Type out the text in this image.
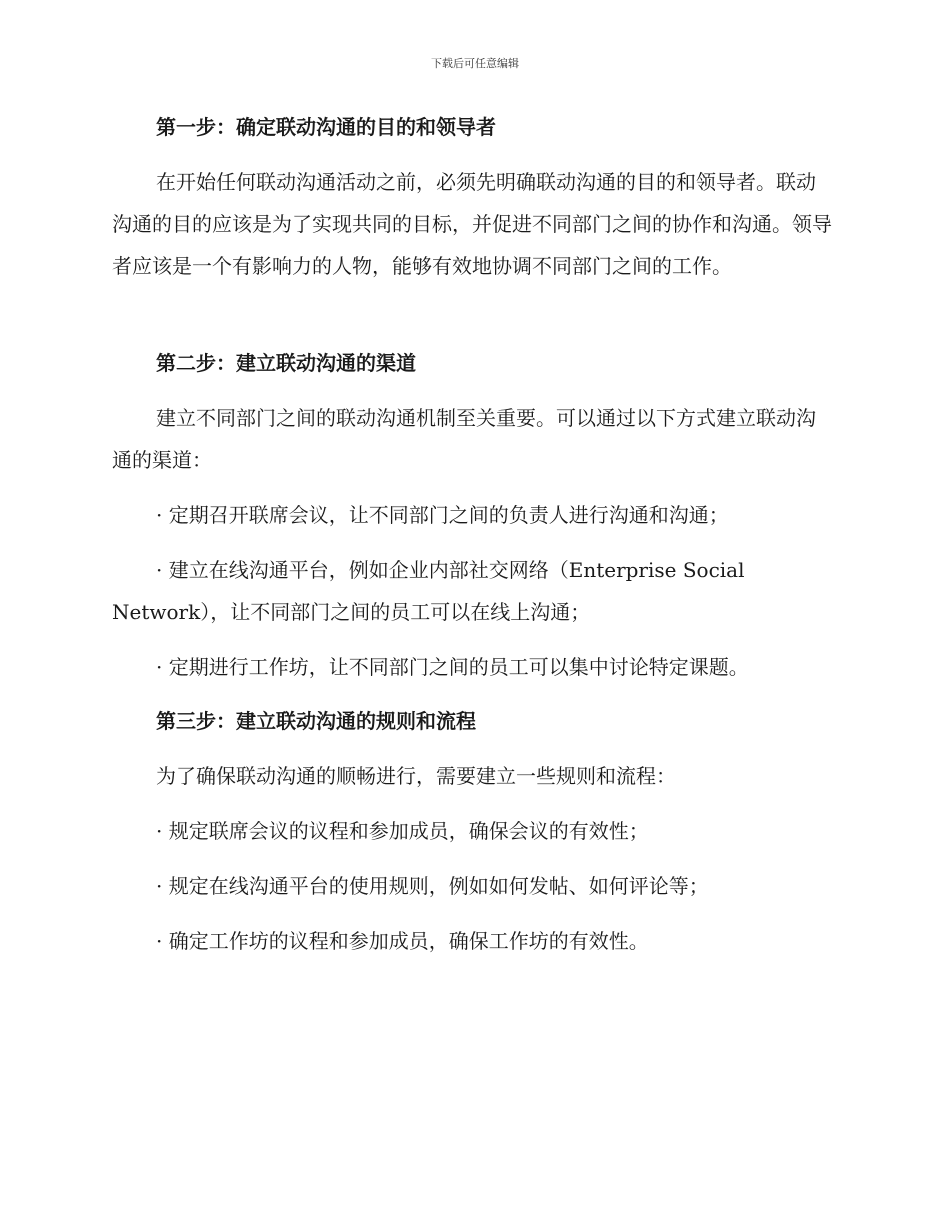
下载后可任意编辑

第一步：确定联动沟通的目的和领导者

在开始任何联动沟通活动之前，必须先明确联动沟通的目的和领导者。联动沟通的目的应该是为了实现共同的目标，并促进不同部门之间的协作和沟通。领导者应该是一个有影响力的人物，能够有效地协调不同部门之间的工作。

第二步：建立联动沟通的渠道

建立不同部门之间的联动沟通机制至关重要。可以通过以下方式建立联动沟通的渠道：

· 定期召开联席会议，让不同部门之间的负责人进行沟通和沟通；

· 建立在线沟通平台，例如企业内部社交网络（Enterprise Social Network），让不同部门之间的员工可以在线上沟通；

· 定期进行工作坊，让不同部门之间的员工可以集中讨论特定课题。

第三步：建立联动沟通的规则和流程

为了确保联动沟通的顺畅进行，需要建立一些规则和流程：

· 规定联席会议的议程和参加成员，确保会议的有效性；

· 规定在线沟通平台的使用规则，例如如何发帖、如何评论等；

· 确定工作坊的议程和参加成员，确保工作坊的有效性。
